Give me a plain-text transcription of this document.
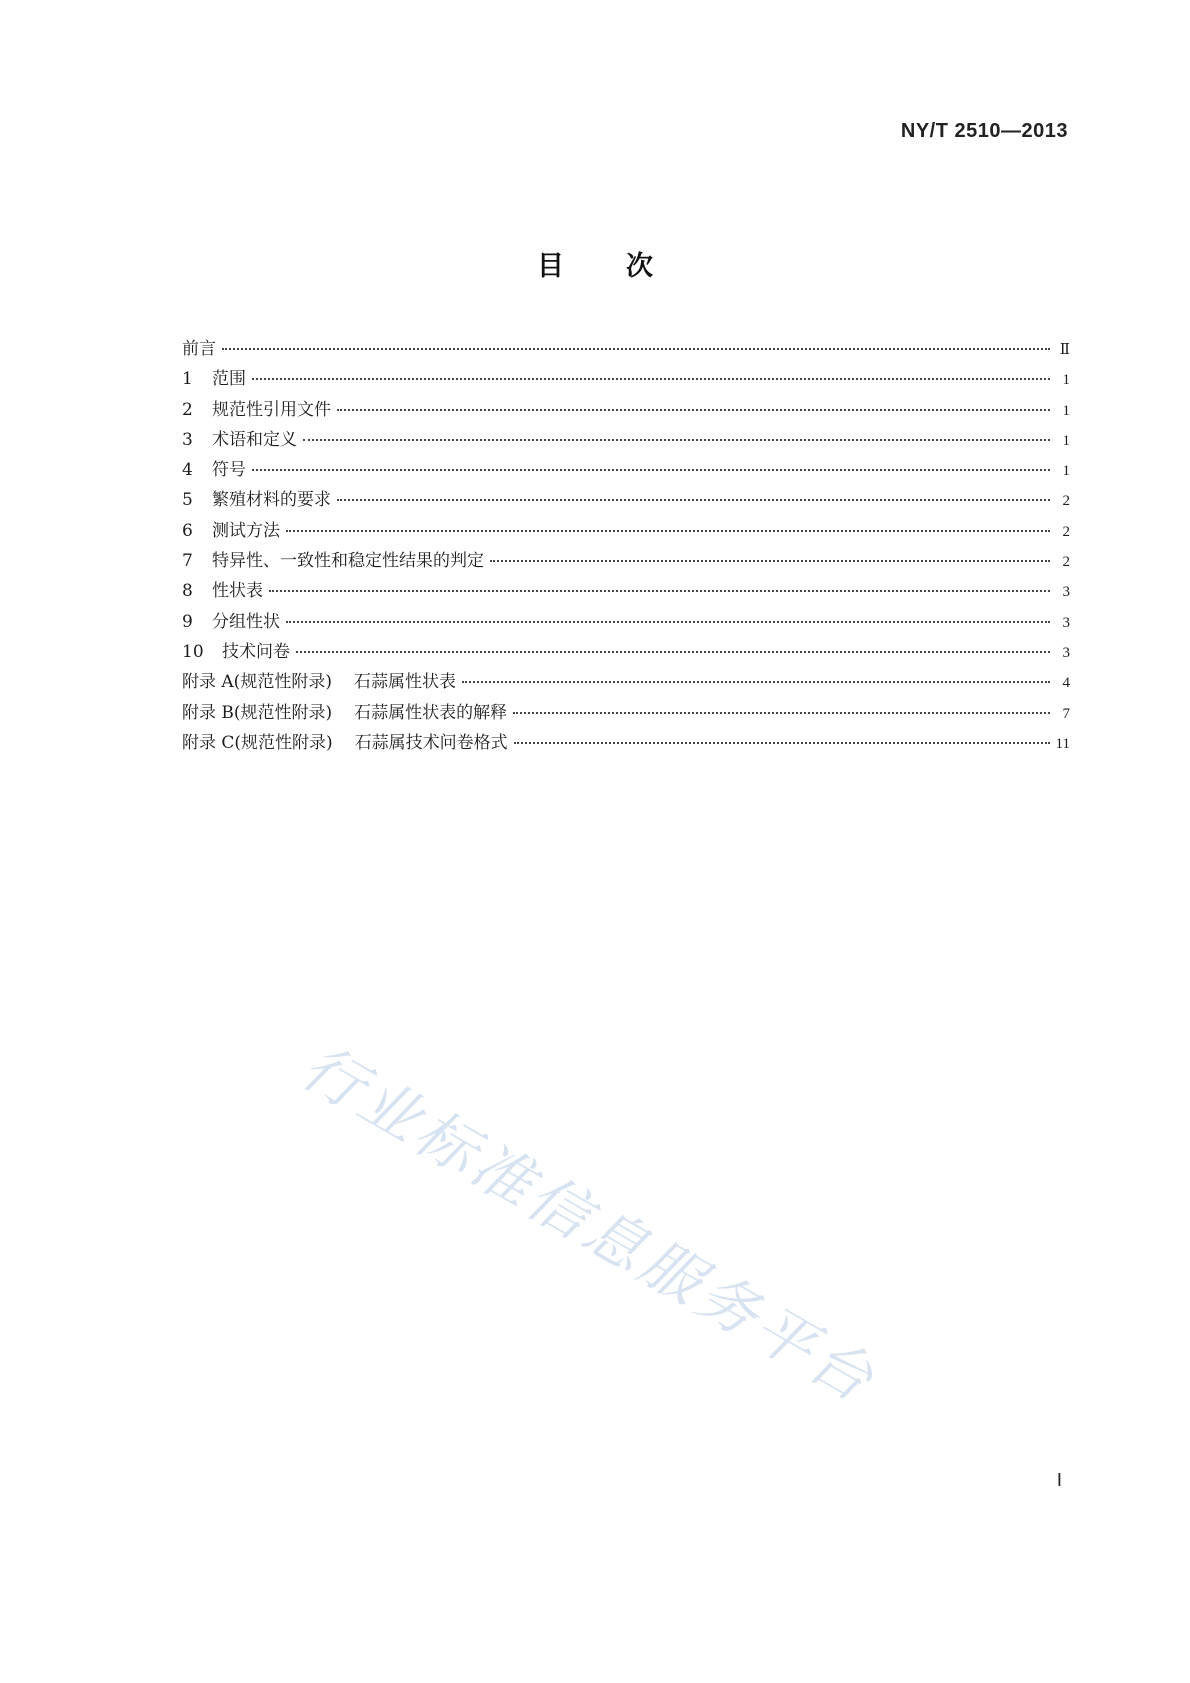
NY/T 2510—2013
目次
前言	Ⅱ
1	范围	1
2	规范性引用文件	1
3	术语和定义	1
4	符号	1
5	繁殖材料的要求	2
6	测试方法	2
7	特异性、一致性和稳定性结果的判定	2
8	性状表	3
9	分组性状	3
10	技术问卷	3
附录 A(规范性附录) 石蒜属性状表	4
附录 B(规范性附录) 石蒜属性状表的解释	7
附录 C(规范性附录) 石蒜属技术问卷格式	11
Ⅰ
行业标准信息服务平台
